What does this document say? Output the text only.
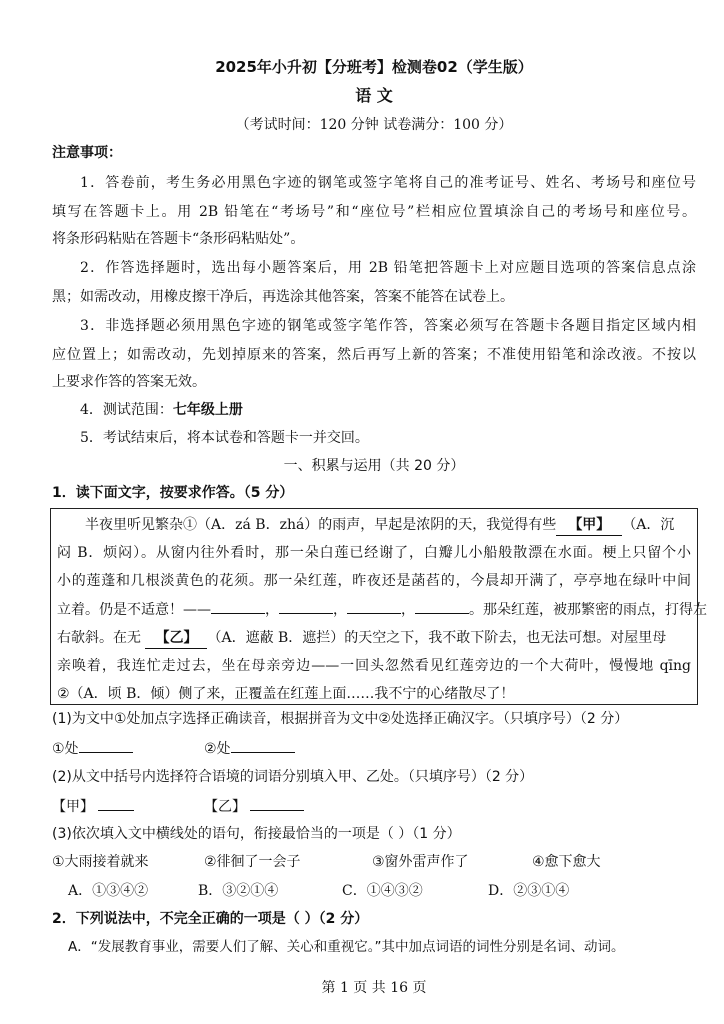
2025年小升初【分班考】检测卷02（学生版）
语 文
（考试时间：120 分钟 试卷满分：100 分）
注意事项：
1．答卷前，考生务必用黑色字迹的钢笔或签字笔将自己的准考证号、姓名、考场号和座位号
填写在答题卡上。用 2B 铅笔在“考场号”和“座位号”栏相应位置填涂自己的考场号和座位号。
将条形码粘贴在答题卡“条形码粘贴处”。
2．作答选择题时，选出每小题答案后，用 2B 铅笔把答题卡上对应题目选项的答案信息点涂
黑；如需改动，用橡皮擦干净后，再选涂其他答案，答案不能答在试卷上。
3．非选择题必须用黑色字迹的钢笔或签字笔作答，答案必须写在答题卡各题目指定区域内相
应位置上；如需改动，先划掉原来的答案，然后再写上新的答案；不准使用铅笔和涂改液。不按以
上要求作答的答案无效。
4．测试范围：七年级上册
5．考试结束后，将本试卷和答题卡一并交回。
一、积累与运用（共 20 分）
1．读下面文字，按要求作答。（5 分）
半夜里听见繁杂①（A．zá B．zhá）的雨声，早起是浓阴的天，我觉得有些 【甲】 （A．沉
闷 B．烦闷）。从窗内往外看时，那一朵白莲已经谢了，白瓣儿小船般散漂在水面。梗上只留个小
小的莲蓬和几根淡黄色的花须。那一朵红莲，昨夜还是菡萏的，今晨却开满了，亭亭地在绿叶中间
立着。仍是不适意！——	，	，	，	。那朵红莲，被那繁密的雨点，打得左
右欹斜。在无 【乙】 （A．遮蔽 B．遮拦）的天空之下，我不敢下阶去，也无法可想。对屋里母
亲唤着，我连忙走过去，坐在母亲旁边——一回头忽然看见红莲旁边的一个大荷叶，慢慢地 qīng
②（A．顷 B．倾）侧了来，正覆盖在红莲上面……我不宁的心绪散尽了！
(1)为文中①处加点字选择正确读音，根据拼音为文中②处选择正确汉字。（只填序号）（2 分）
①处	②处
(2)从文中括号内选择符合语境的词语分别填入甲、乙处。（只填序号）（2 分）
【甲】	【乙】
(3)依次填入文中横线处的语句，衔接最恰当的一项是（ ）（1 分）
①大雨接着就来	②徘徊了一会子	③窗外雷声作了	④愈下愈大
A．①③④②	B．③②①④	C．①④③②	D．②③①④
2．下列说法中，不完全正确的一项是（ ）（2 分）
A．“发展教育事业，需要人们了解、关心和重视它。”其中加点词语的词性分别是名词、动词。
第 1 页 共 16 页
